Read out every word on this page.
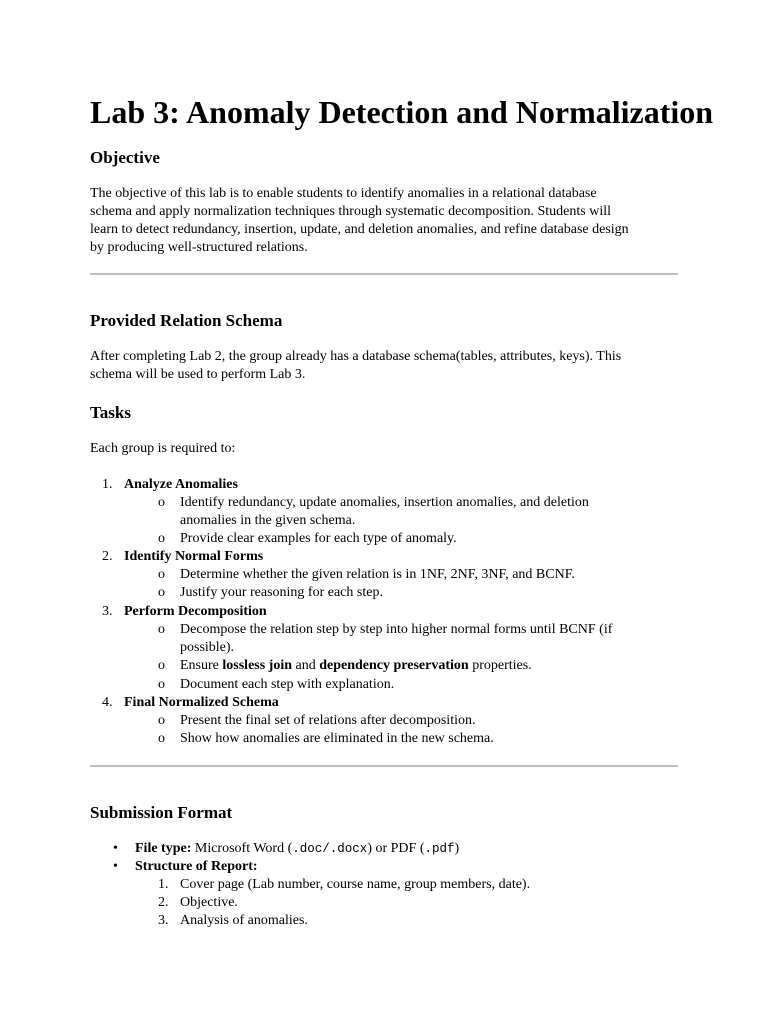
Lab 3: Anomaly Detection and Normalization
Objective

The objective of this lab is to enable students to identify anomalies in a relational database
schema and apply normalization techniques through systematic decomposition. Students will
learn to detect redundancy, insertion, update, and deletion anomalies, and refine database design
by producing well-structured relations.

Provided Relation Schema

After completing Lab 2, the group already has a database schema(tables, attributes, keys). This
schema will be used to perform Lab 3.

Tasks

Each group is required to:

1. Analyze Anomalies
o Identify redundancy, update anomalies, insertion anomalies, and deletion
anomalies in the given schema.
o Provide clear examples for each type of anomaly.
2. Identify Normal Forms
o Determine whether the given relation is in 1NF, 2NF, 3NF, and BCNF.
o Justify your reasoning for each step.
3. Perform Decomposition
o Decompose the relation step by step into higher normal forms until BCNF (if
possible).
o Ensure lossless join and dependency preservation properties.
o Document each step with explanation.
4. Final Normalized Schema
o Present the final set of relations after decomposition.
o Show how anomalies are eliminated in the new schema.
Submission Format
• File type: Microsoft Word (.doc/.docx) or PDF (.pdf)
• Structure of Report:
1. Cover page (Lab number, course name, group members, date).
2. Objective.
3. Analysis of anomalies.
